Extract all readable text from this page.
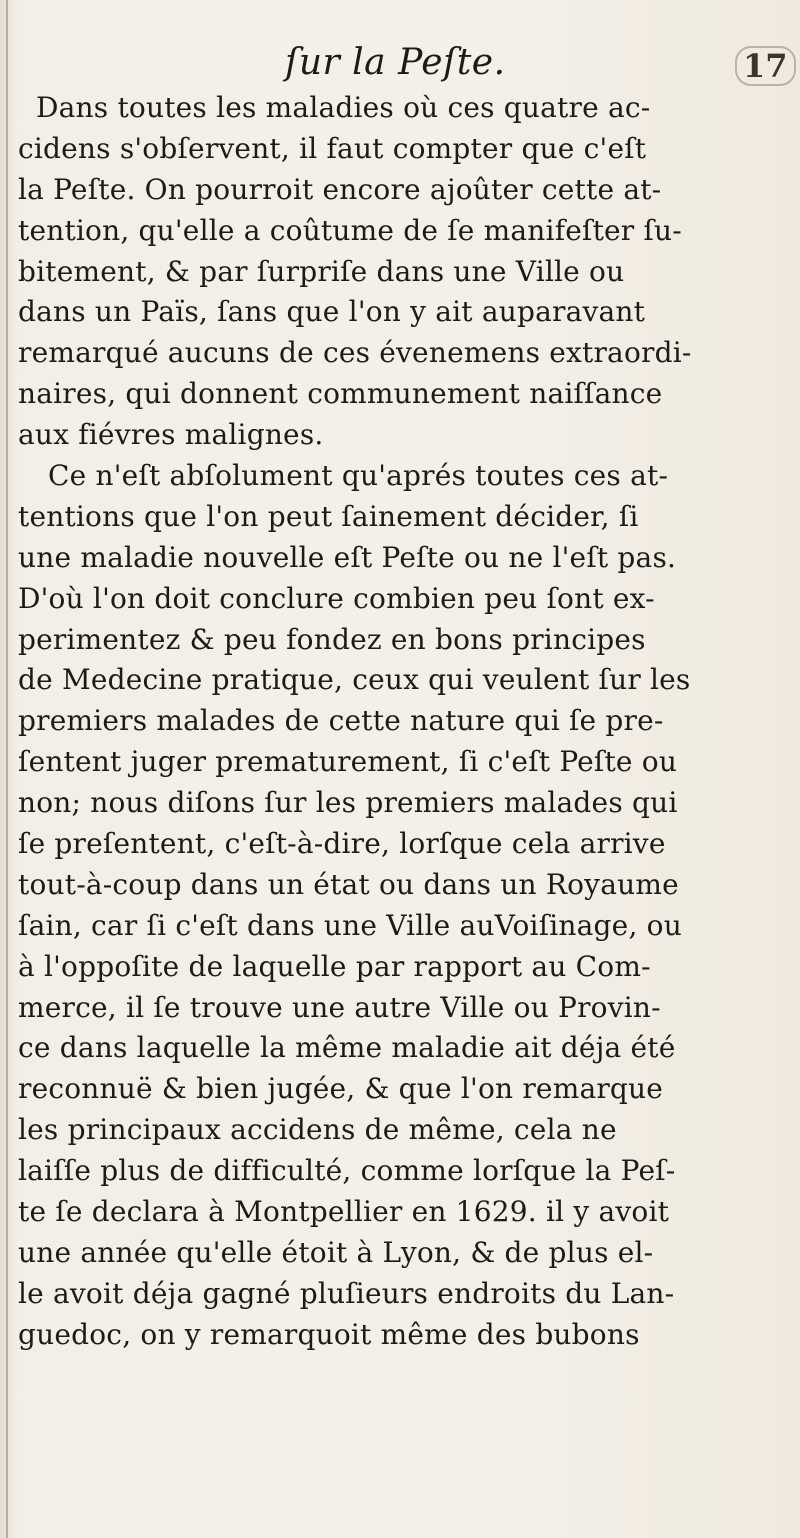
ſur la Peſte.	17
Dans toutes les maladies où ces quatre ac-
cidens s'obſervent, il faut compter que c'eſt
la Peſte. On pourroit encore ajoûter cette at-
tention, qu'elle a coûtume de ſe manifeſter ſu-
bitement, & par ſurpriſe dans une Ville ou
dans un Païs, ſans que l'on y ait auparavant
remarqué aucuns de ces évenemens extraordi-
naires, qui donnent communement naiſſance
aux fiévres malignes.
Ce n'eſt abſolument qu'aprés toutes ces at-
tentions que l'on peut ſainement décider, ſi
une maladie nouvelle eſt Peſte ou ne l'eſt pas.
D'où l'on doit conclure combien peu ſont ex-
perimentez & peu fondez en bons principes
de Medecine pratique, ceux qui veulent ſur les
premiers malades de cette nature qui ſe pre-
ſentent juger prematurement, ſi c'eſt Peſte ou
non; nous diſons ſur les premiers malades qui
ſe preſentent, c'eſt-à-dire, lorſque cela arrive
tout-à-coup dans un état ou dans un Royaume
ſain, car ſi c'eſt dans une Ville auVoiſinage, ou
à l'oppoſite de laquelle par rapport au Com-
merce, il ſe trouve une autre Ville ou Provin-
ce dans laquelle la même maladie ait déja été
reconnuë & bien jugée, & que l'on remarque
les principaux accidens de même, cela ne
laiſſe plus de difficulté, comme lorſque la Peſ-
te ſe declara à Montpellier en 1629. il y avoit
une année qu'elle étoit à Lyon, & de plus el-
le avoit déja gagné pluſieurs endroits du Lan-
guedoc, on y remarquoit même des bubons
